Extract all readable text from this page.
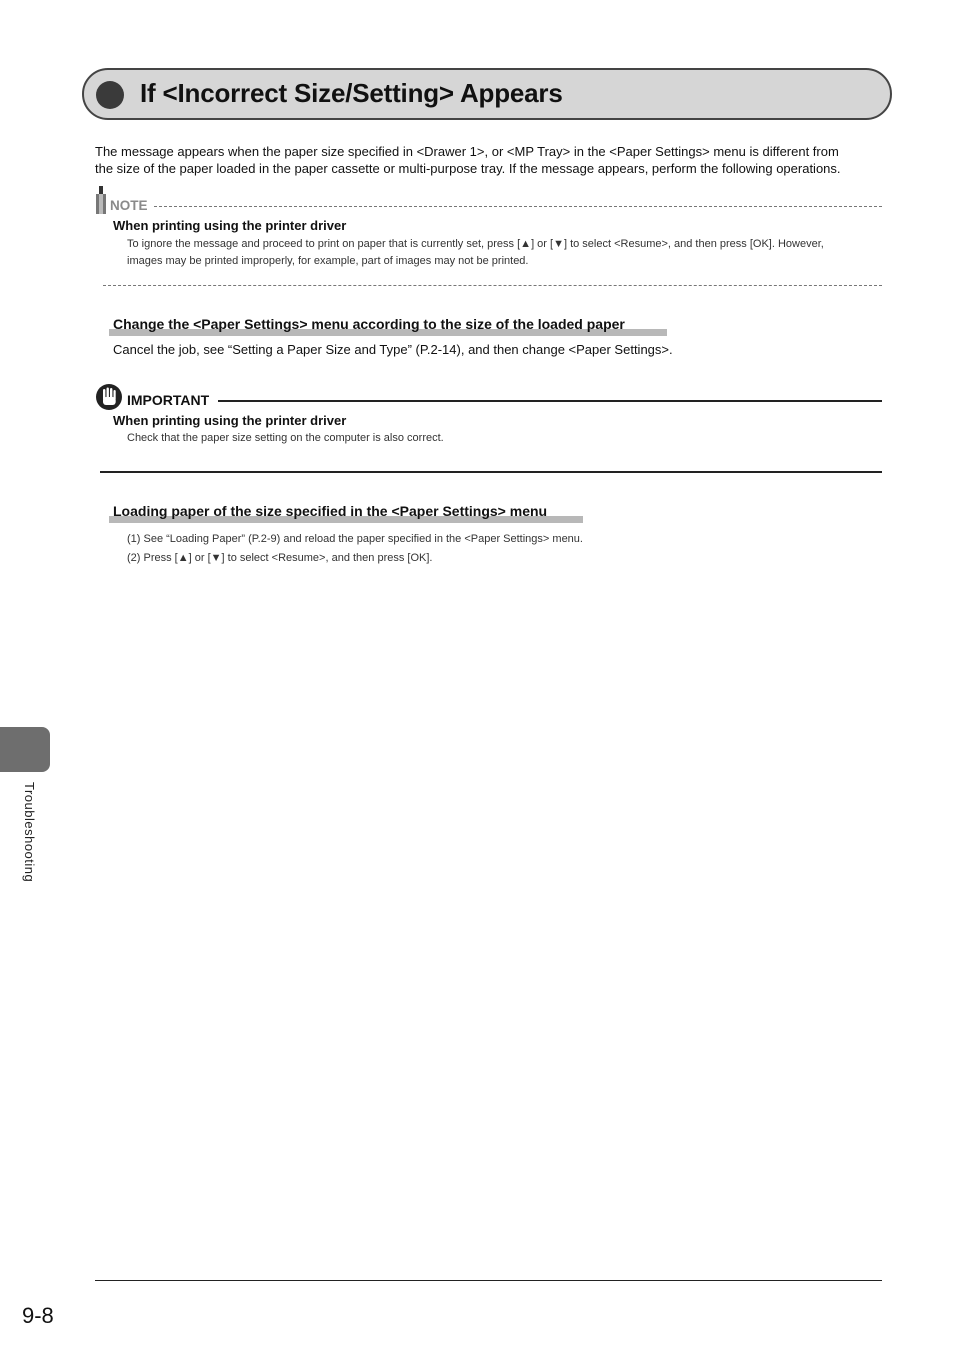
If <Incorrect Size/Setting> Appears

The message appears when the paper size specified in <Drawer 1>, or <MP Tray> in the <Paper Settings> menu is different from

the size of the paper loaded in the paper cassette or multi-purpose tray. If the message appears, perform the following operations.

NOTE
When printing using the printer driver

To ignore the message and proceed to print on paper that is currently set, press [▲] or [▼] to select <Resume>, and then press [OK]. However,

images may be printed improperly, for example, part of images may not be printed.

Change the <Paper Settings> menu according to the size of the loaded paper
Cancel the job, see “Setting a Paper Size and Type” (P.2-14), and then change <Paper Settings>.
IMPORTANT
When printing using the printer driver

Check that the paper size setting on the computer is also correct.

Loading paper of the size specified in the <Paper Settings> menu
(1) See “Loading Paper” (P.2-9) and reload the paper specified in the <Paper Settings> menu.
(2) Press [▲] or [▼] to select <Resume>, and then press [OK].
Troubleshooting
9-8
